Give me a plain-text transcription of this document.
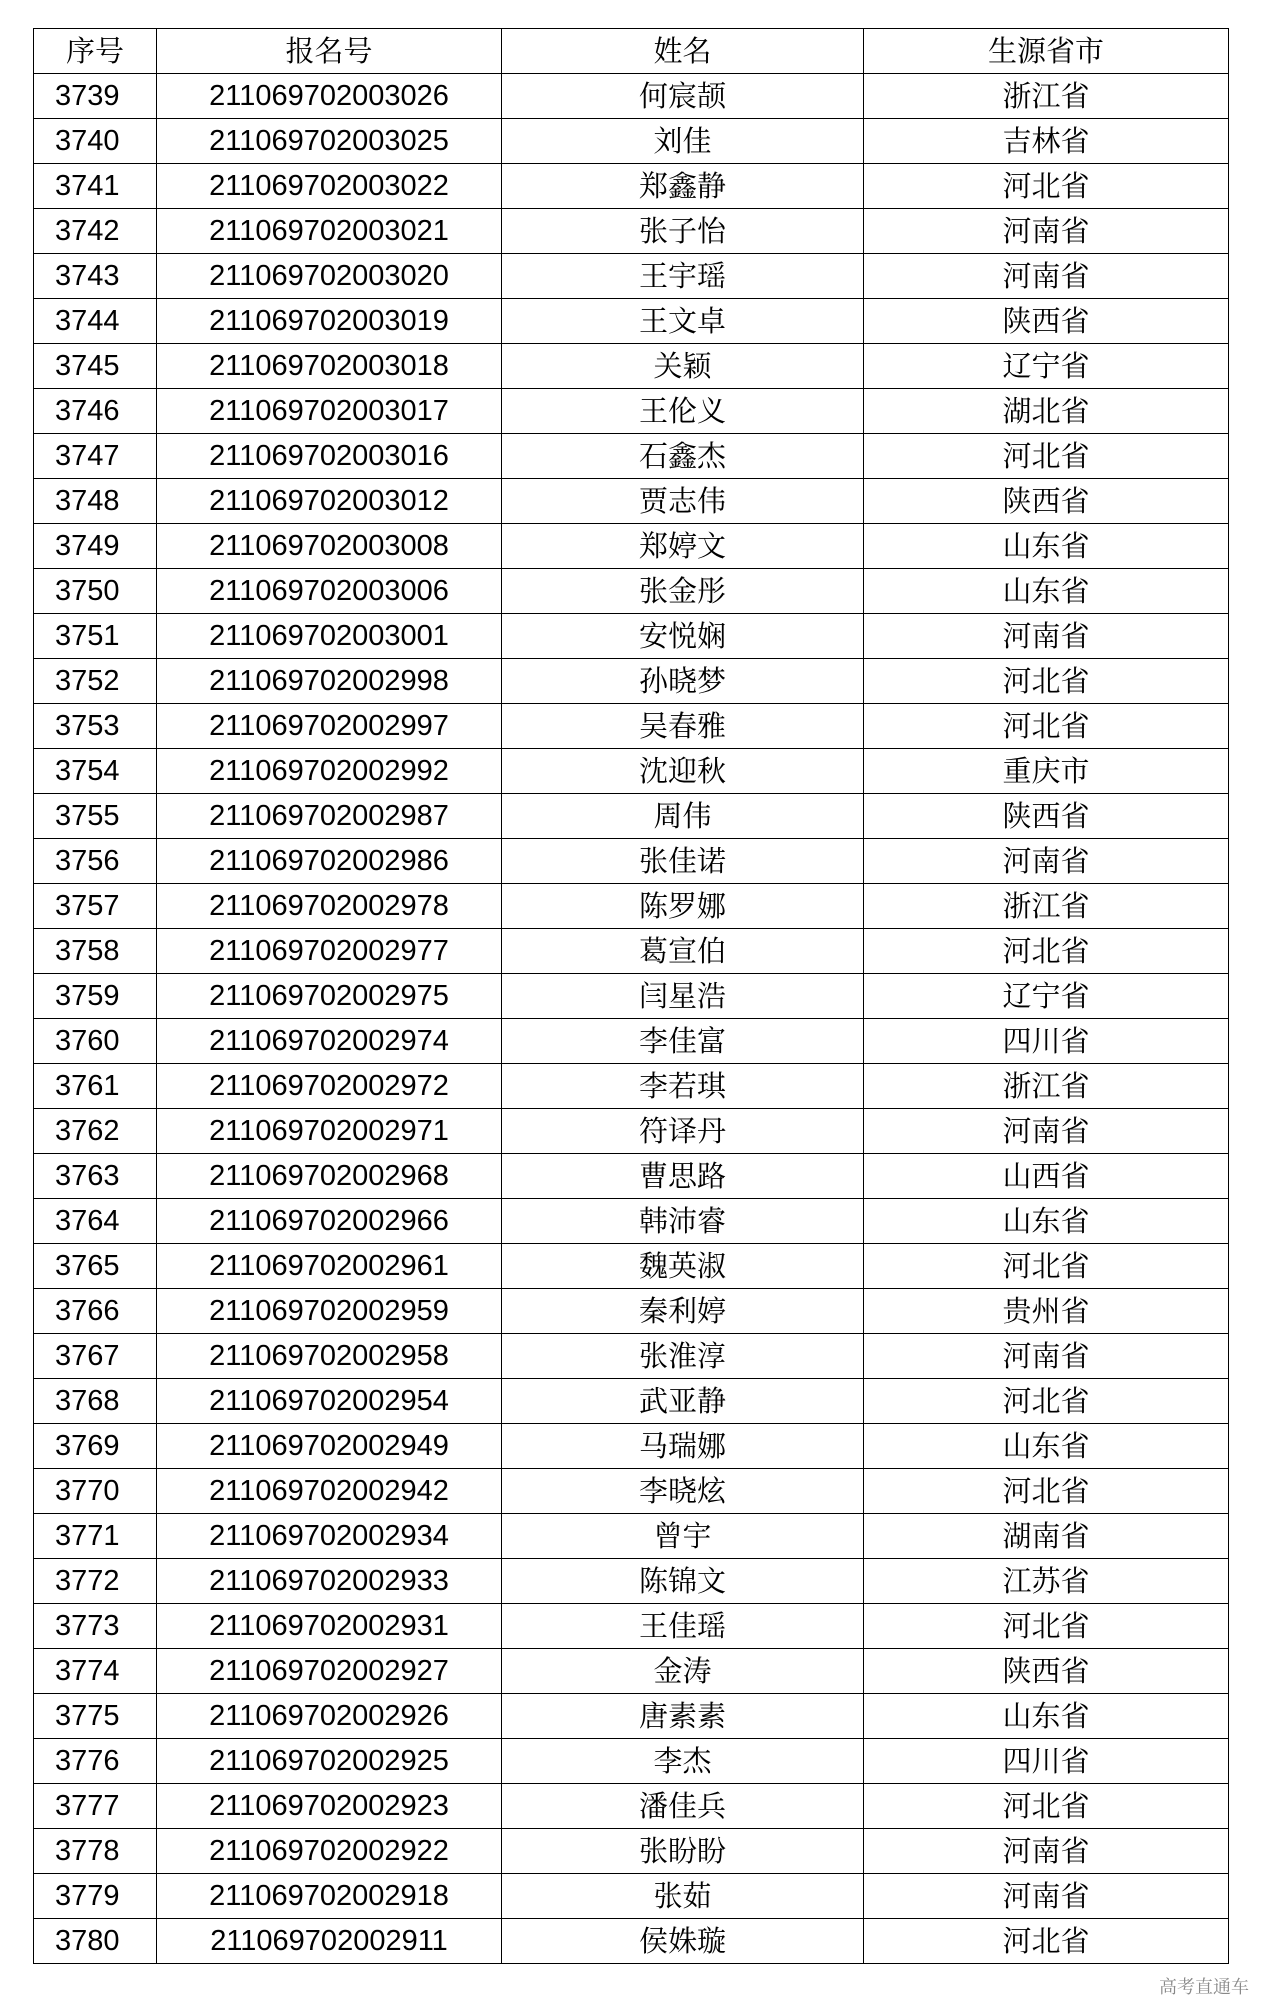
序号	报名号	姓名	生源省市
3739	211069702003026	何宸颉	浙江省
3740	211069702003025	刘佳	吉林省
3741	211069702003022	郑鑫静	河北省
3742	211069702003021	张子怡	河南省
3743	211069702003020	王宇瑶	河南省
3744	211069702003019	王文卓	陕西省
3745	211069702003018	关颖	辽宁省
3746	211069702003017	王伦义	湖北省
3747	211069702003016	石鑫杰	河北省
3748	211069702003012	贾志伟	陕西省
3749	211069702003008	郑婷文	山东省
3750	211069702003006	张金彤	山东省
3751	211069702003001	安悦娴	河南省
3752	211069702002998	孙晓梦	河北省
3753	211069702002997	吴春雅	河北省
3754	211069702002992	沈迎秋	重庆市
3755	211069702002987	周伟	陕西省
3756	211069702002986	张佳诺	河南省
3757	211069702002978	陈罗娜	浙江省
3758	211069702002977	葛宣伯	河北省
3759	211069702002975	闫星浩	辽宁省
3760	211069702002974	李佳富	四川省
3761	211069702002972	李若琪	浙江省
3762	211069702002971	符译丹	河南省
3763	211069702002968	曹思路	山西省
3764	211069702002966	韩沛睿	山东省
3765	211069702002961	魏英淑	河北省
3766	211069702002959	秦利婷	贵州省
3767	211069702002958	张淮淳	河南省
3768	211069702002954	武亚静	河北省
3769	211069702002949	马瑞娜	山东省
3770	211069702002942	李晓炫	河北省
3771	211069702002934	曾宇	湖南省
3772	211069702002933	陈锦文	江苏省
3773	211069702002931	王佳瑶	河北省
3774	211069702002927	金涛	陕西省
3775	211069702002926	唐素素	山东省
3776	211069702002925	李杰	四川省
3777	211069702002923	潘佳兵	河北省
3778	211069702002922	张盼盼	河南省
3779	211069702002918	张茹	河南省
3780	211069702002911	侯姝璇	河北省
高考直通车
